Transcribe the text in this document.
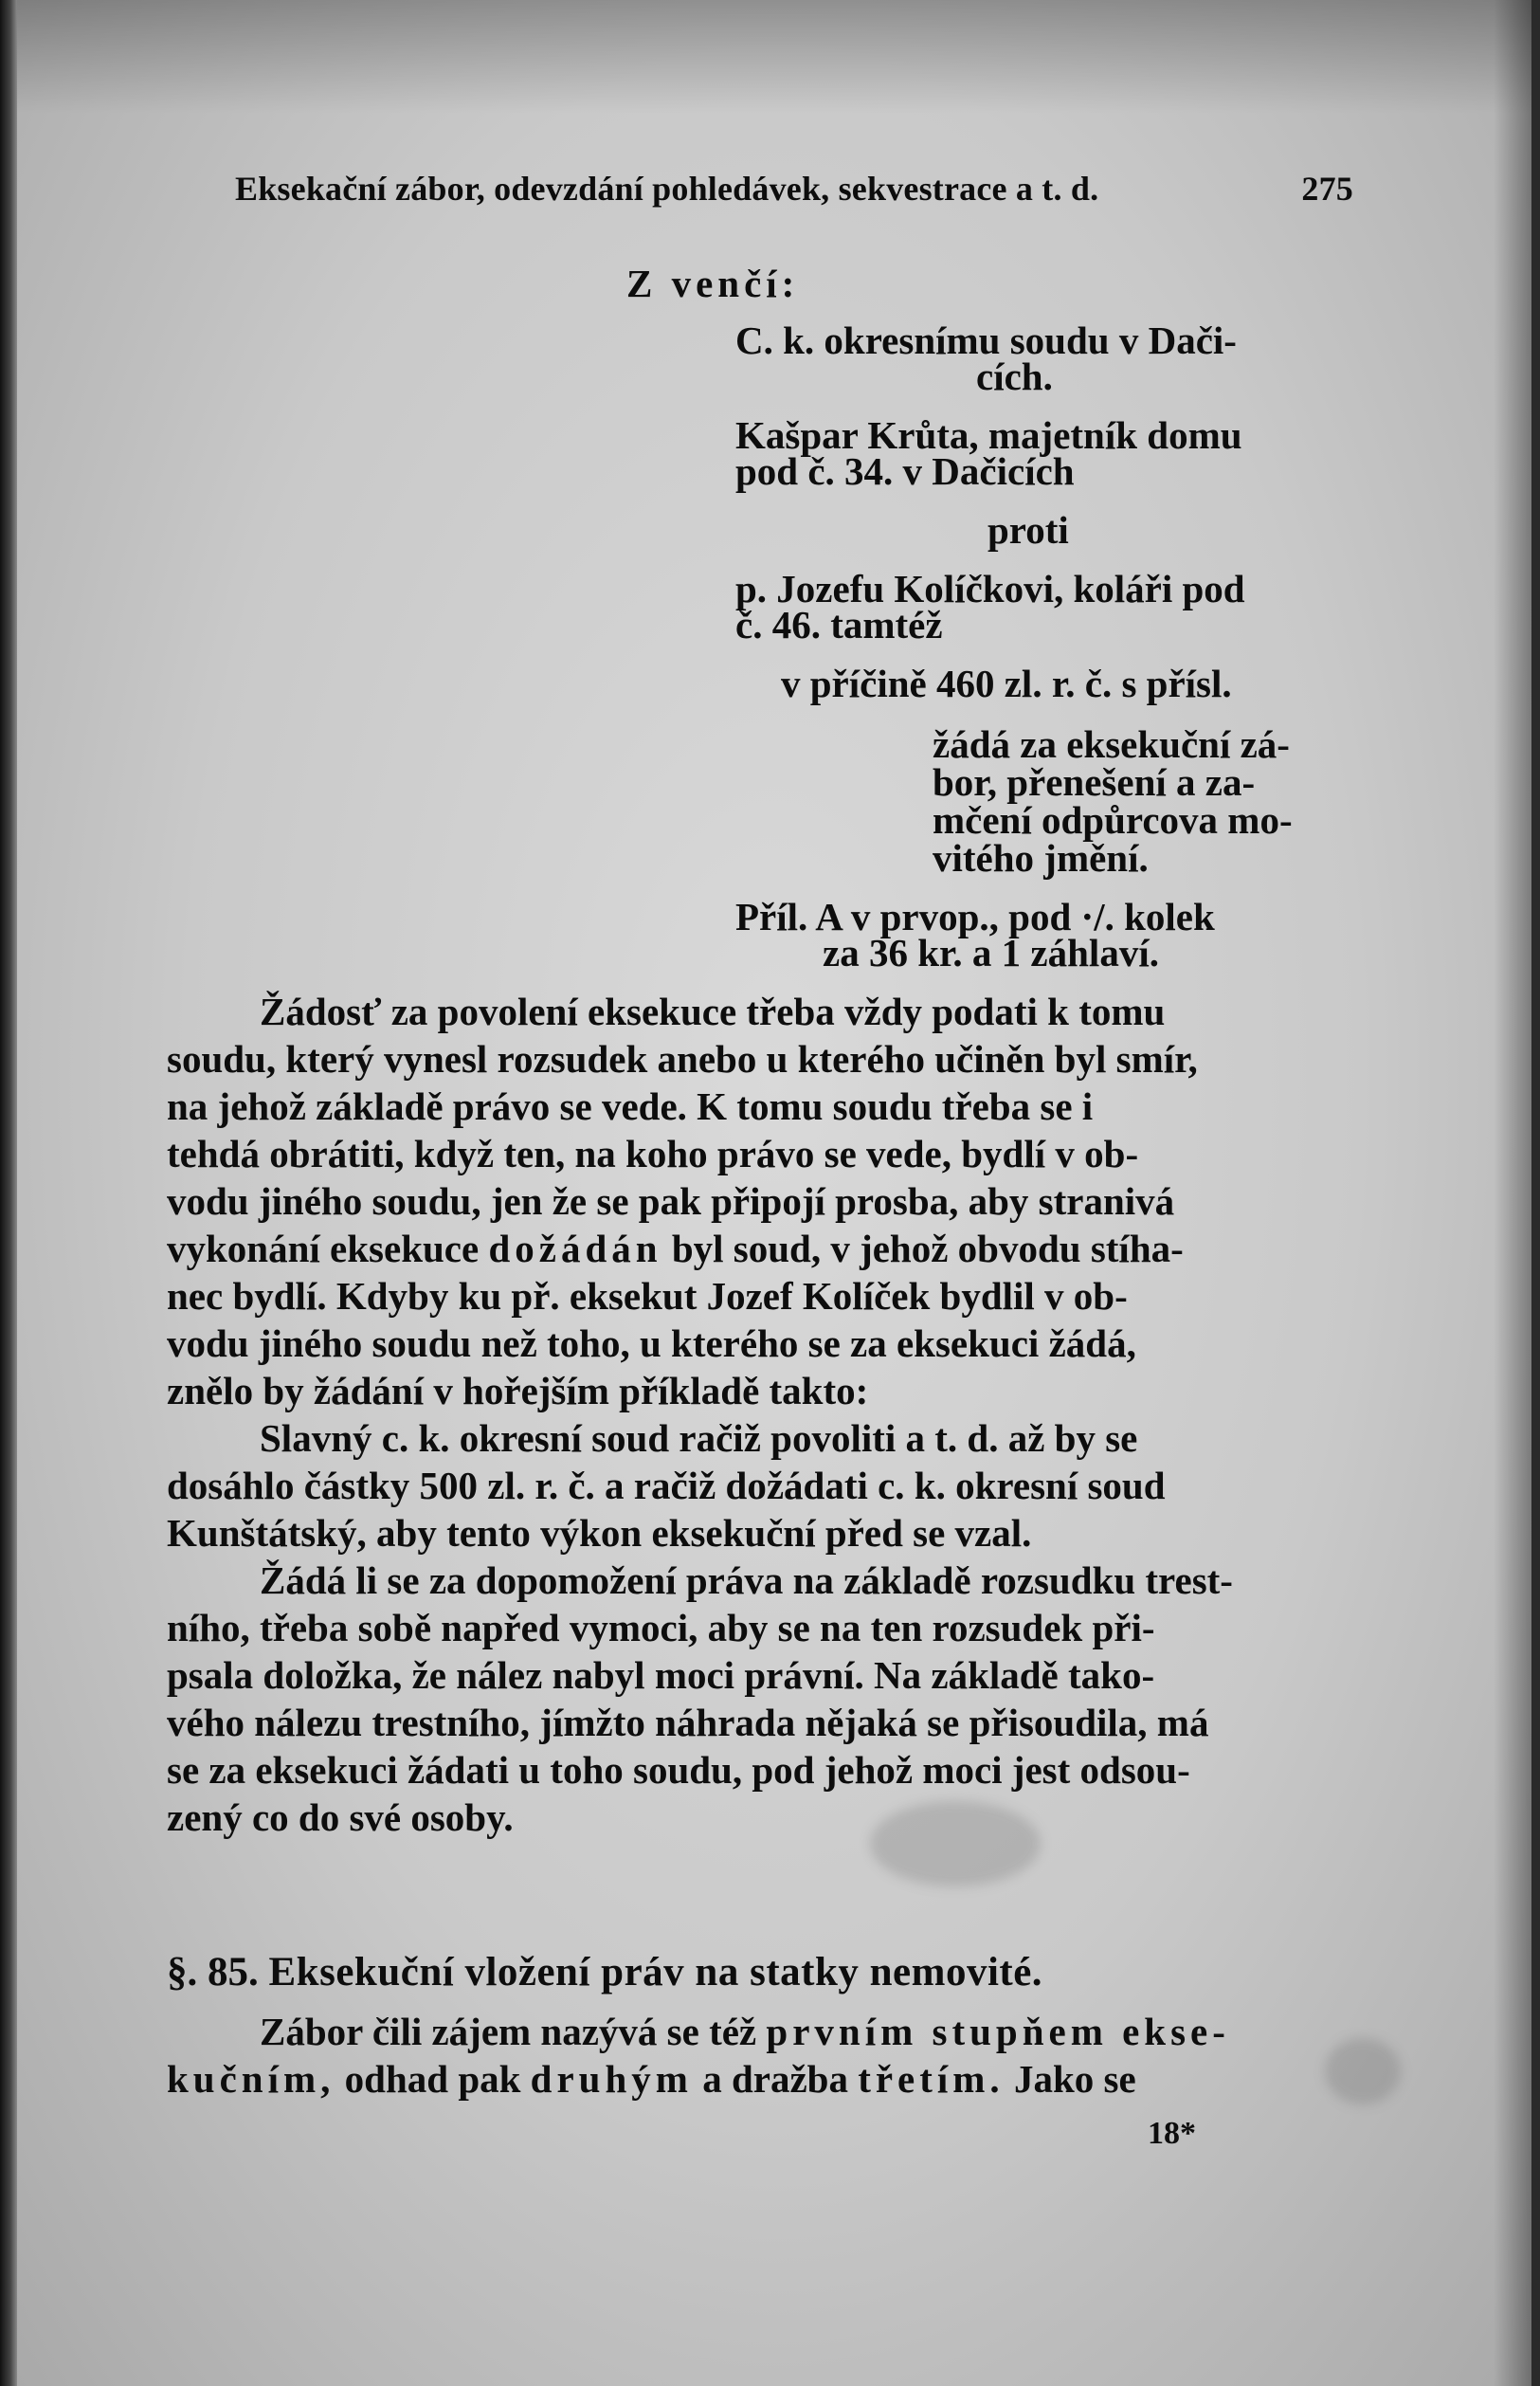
Eksekační zábor, odevzdání pohledávek, sekvestrace a t. d.	275
Z venčí:
C. k. okresnímu soudu v Dači-
cích.
Kašpar Krůta, majetník domu
pod č. 34. v Dačicích
proti
p. Jozefu Kolíčkovi, koláři pod
č. 46. tamtéž
v příčině 460 zl. r. č. s přísl.
žádá za eksekuční zá-
bor, přenešení a za-
mčení odpůrcova mo-
vitého jmění.
Příl. A v prvop., pod ·/. kolek
za 36 kr. a 1 záhlaví.

Žádosť za povolení eksekuce třeba vždy podati k tomu
soudu, který vynesl rozsudek anebo u kterého učiněn byl smír,
na jehož základě právo se vede. K tomu soudu třeba se i
tehdá obrátiti, když ten, na koho právo se vede, bydlí v ob-
vodu jiného soudu, jen že se pak připojí prosba, aby stranivá
vykonání eksekuce dožádán byl soud, v jehož obvodu stíha-
nec bydlí. Kdyby ku př. eksekut Jozef Kolíček bydlil v ob-
vodu jiného soudu než toho, u kterého se za eksekuci žádá,
znělo by žádání v hořejším příkladě takto:

Slavný c. k. okresní soud račiž povoliti a t. d. až by se
dosáhlo částky 500 zl. r. č. a račiž dožádati c. k. okresní soud
Kunštátský, aby tento výkon eksekuční před se vzal.

Žádá li se za dopomožení práva na základě rozsudku trest-
ního, třeba sobě napřed vymoci, aby se na ten rozsudek při-
psala doložka, že nález nabyl moci právní. Na základě tako-
vého nálezu trestního, jímžto náhrada nějaká se přisoudila, má
se za eksekuci žádati u toho soudu, pod jehož moci jest odsou-
zený co do své osoby.

§. 85. Eksekuční vložení práv na statky nemovité.
Zábor čili zájem nazývá se též prvním stupňem ekse-
kučním, odhad pak druhým a dražba třetím. Jako se
18*
